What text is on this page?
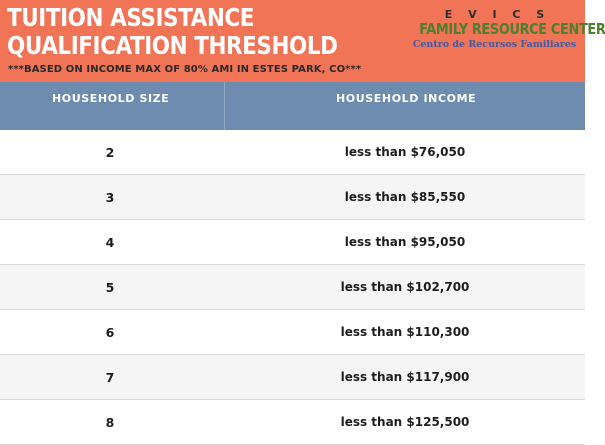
TUITION ASSISTANCE
QUALIFICATION THRESHOLD
***BASED ON INCOME MAX OF 80% AMI IN ESTES PARK, CO***
E V I C S
FAMILY RESOURCE CENTER
Centro de Recursos Familiares
HOUSEHOLD SIZE	HOUSEHOLD INCOME
2	less than $76,050
3	less than $85,550
4	less than $95,050
5	less than $102,700
6	less than $110,300
7	less than $117,900
8	less than $125,500
